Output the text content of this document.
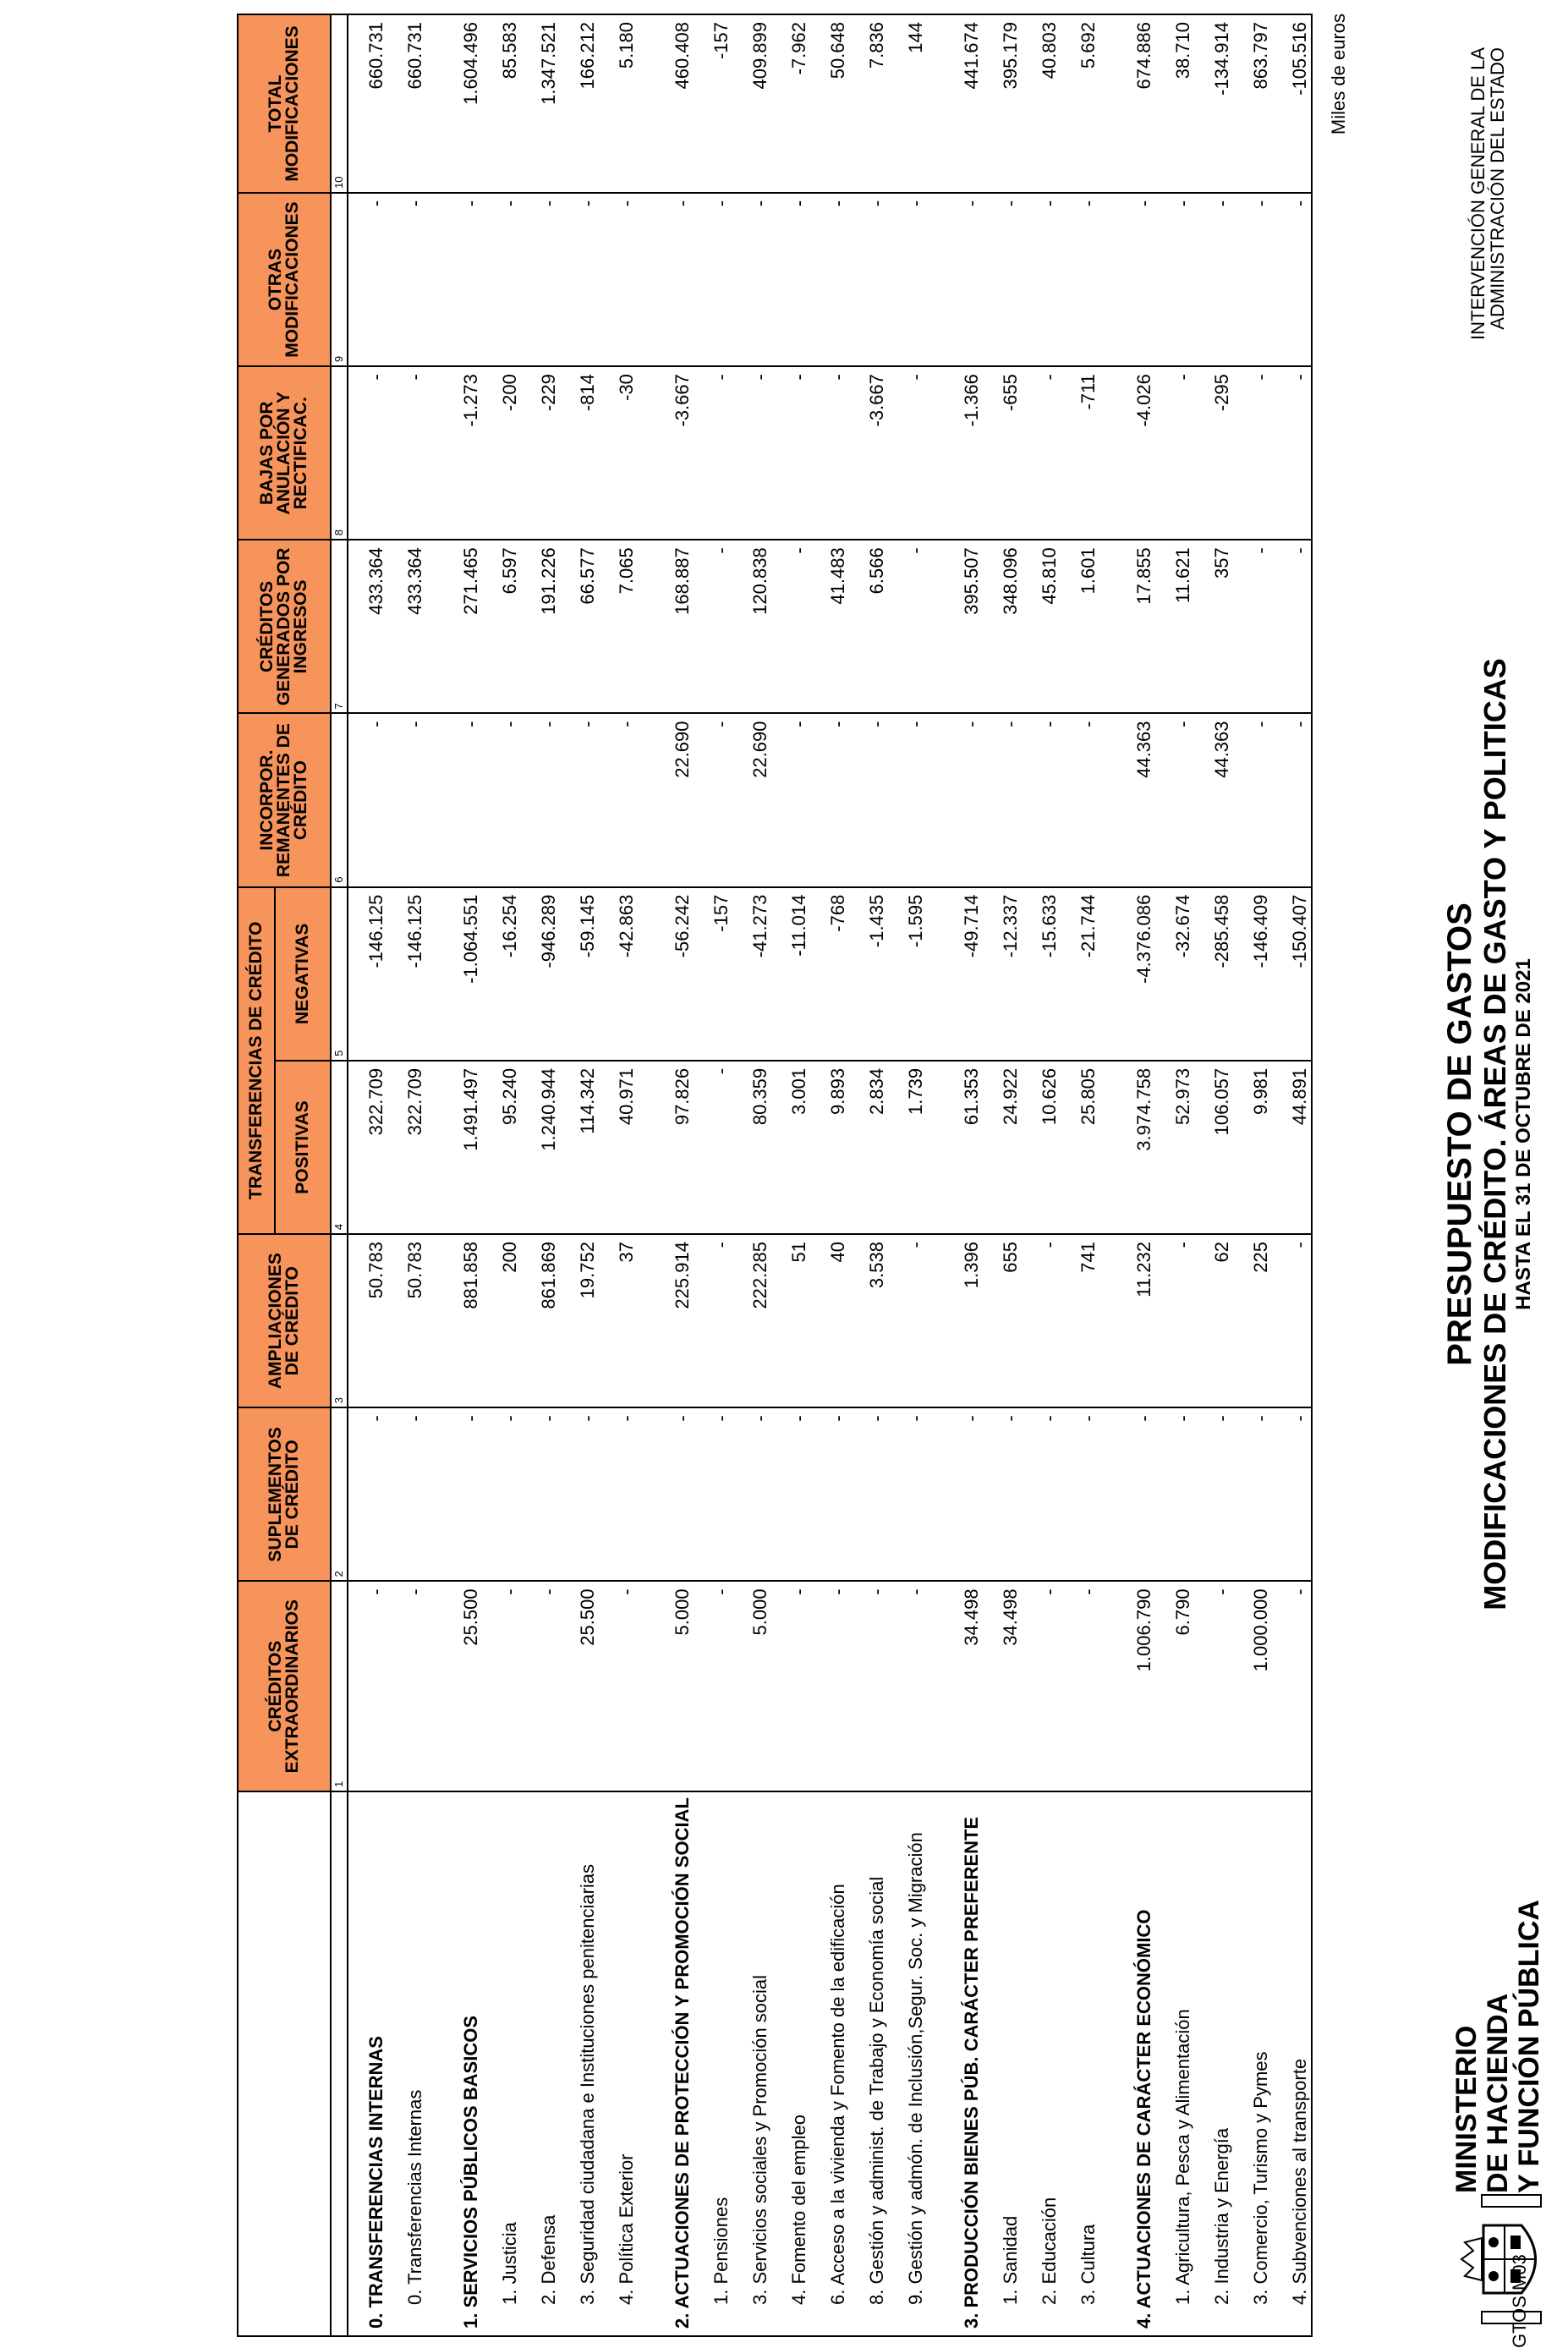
MINISTERIO DE HACIENDA Y FUNCIÓN PÚBLICA
PRESUPUESTO DE GASTOS MODIFICACIONES DE CRÉDITO. ÁREAS DE GASTO Y POLITICAS HASTA EL 31 DE OCTUBRE DE 2021
INTERVENCIÓN GENERAL DE LA
ADMINISTRACIÓN DEL ESTADO
Miles de euros
	CRÉDITOS EXTRAORDINARIOS	SUPLEMENTOS DE CRÉDITO	AMPLIACIONES DE CRÉDITO	TRANSFERENCIAS DE CRÉDITO		INCORPOR. REMANENTES DE CRÉDITO	CRÉDITOS GENERADOS POR INGRESOS	BAJAS POR ANULACIÓN Y RECTIFICAC.	OTRAS MODIFICACIONES	TOTAL MODIFICACIONES
				POSITIVAS	NEGATIVAS					
	1	2	3	4	5	6	7	8	9	10
0. TRANSFERENCIAS INTERNAS	-	-	50.783	322.709	-146.125	-	433.364	-	-	660.731
0. Transferencias Internas	-	-	50.783	322.709	-146.125	-	433.364	-	-	660.731

1. SERVICIOS PÚBLICOS BASICOS	25.500	-	881.858	1.491.497	-1.064.551	-	271.465	-1.273	-	1.604.496
1. Justicia	-	-	200	95.240	-16.254	-	6.597	-200	-	85.583
2. Defensa	-	-	861.869	1.240.944	-946.289	-	191.226	-229	-	1.347.521
3. Seguridad ciudadana e Instituciones penitenciarias	25.500	-	19.752	114.342	-59.145	-	66.577	-814	-	166.212
4. Política Exterior	-	-	37	40.971	-42.863	-	7.065	-30	-	5.180

2. ACTUACIONES DE PROTECCIÓN Y PROMOCIÓN SOCIAL	5.000	-	225.914	97.826	-56.242	22.690	168.887	-3.667	-	460.408
1. Pensiones	-	-	-	-	-157	-	-	-	-	-157
3. Servicios sociales y Promoción social	5.000	-	222.285	80.359	-41.273	22.690	120.838	-	-	409.899
4. Fomento del empleo	-	-	51	3.001	-11.014	-	-	-	-	-7.962
6. Acceso a la vivienda y Fomento de la edificación	-	-	40	9.893	-768	-	41.483	-	-	50.648
8. Gestión y administ. de Trabajo y Economía social	-	-	3.538	2.834	-1.435	-	6.566	-3.667	-	7.836
9. Gestión y admón. de Inclusión,Segur. Soc. y Migración	-	-	-	1.739	-1.595	-	-	-	-	144

3. PRODUCCIÓN BIENES PÚB. CARÁCTER PREFERENTE	34.498	-	1.396	61.353	-49.714	-	395.507	-1.366	-	441.674
1. Sanidad	34.498	-	655	24.922	-12.337	-	348.096	-655	-	395.179
2. Educación	-	-	-	10.626	-15.633	-	45.810	-	-	40.803
3. Cultura	-	-	741	25.805	-21.744	-	1.601	-711	-	5.692

4. ACTUACIONES DE CARÁCTER ECONÓMICO	1.006.790	-	11.232	3.974.758	-4.376.086	44.363	17.855	-4.026	-	674.886
1. Agricultura, Pesca y Alimentación	6.790	-	-	52.973	-32.674	-	11.621	-	-	38.710
2. Industria y Energía	-	-	62	106.057	-285.458	44.363	357	-295	-	-134.914
3. Comercio, Turismo y Pymes	1.000.000	-	225	9.981	-146.409	-	-	-	-	863.797
4. Subvenciones al transporte	-	-	-	44.891	-150.407	-	-	-	-	-105.516
GTOS M03
